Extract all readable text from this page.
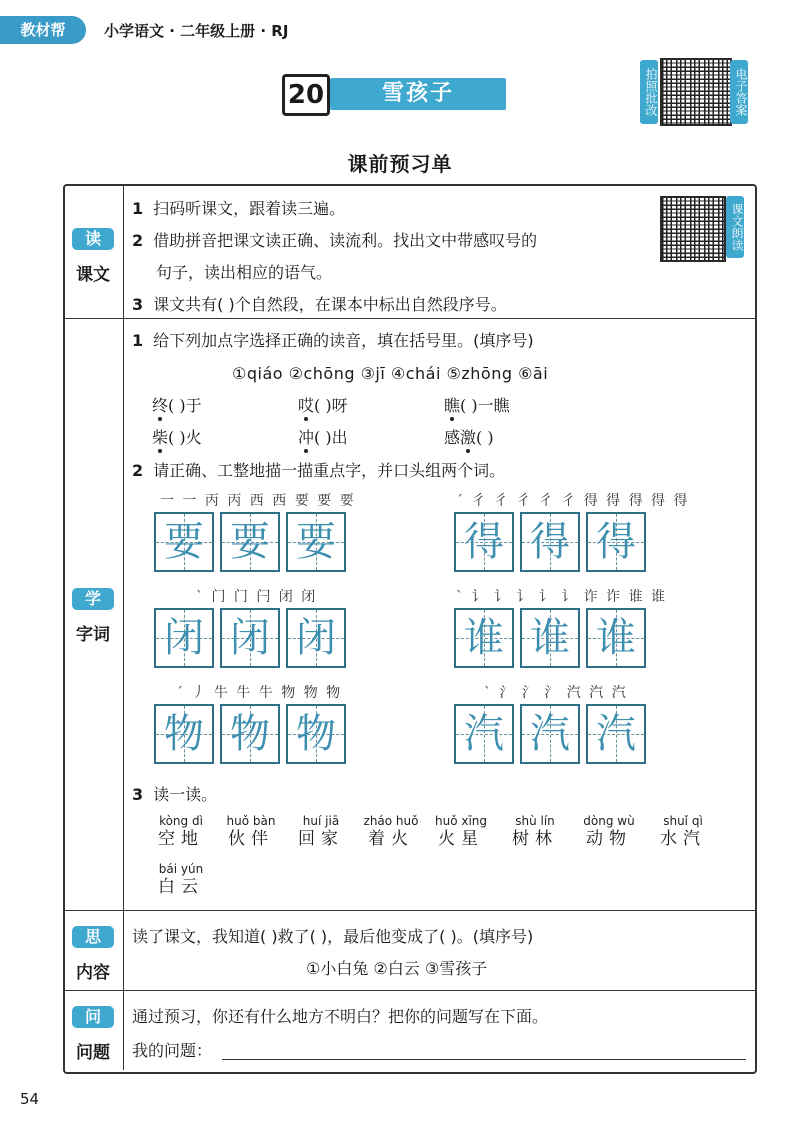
教材帮	小学语文 · 二年级上册 · RJ
20	雪孩子	拍照批改	电子答案
课前预习单
读
课文
1 扫码听课文，跟着读三遍。
2 借助拼音把课文读正确、读流利。找出文中带感叹号的
句子，读出相应的语气。
3 课文共有( )个自然段，在课本中标出自然段序号。
课文朗读
学
字词
1 给下列加点字选择正确的读音，填在括号里。(填序号)
①qiáo ②chōng ③jī ④chái ⑤zhōng ⑥āi
终( )于	哎( )呀	瞧( )一瞧
柴( )火	冲( )出	感激( )
2 请正确、工整地描一描重点字，并口头组两个词。
一 一 丙 丙 西 西 要 要 要
要 要 要
ˊ 彳 彳 彳 彳 彳 得 得 得 得 得
得 得 得
ˋ 门 门 闩 闭 闭
闭 闭 闭
ˋ 讠 讠 讠 讠 讠 诈 诈 谁 谁
谁 谁 谁
ˊ 丿 牛 牛 牛 物 物 物
物 物 物
ˋ 氵 氵 氵 汽 汽 汽
汽 汽 汽
3 读一读。
kòng dì
空地
huǒ bàn
伙伴
huí jiā
回家
zháo huǒ
着火
huǒ xīng
火星
shù lín
树林
dòng wù
动物
shuǐ qì
水汽
bái yún
白云
思
内容
读了课文，我知道( )救了( )，最后他变成了( )。(填序号)
①小白兔 ②白云 ③雪孩子
问
问题
通过预习，你还有什么地方不明白？把你的问题写在下面。
我的问题：
54
